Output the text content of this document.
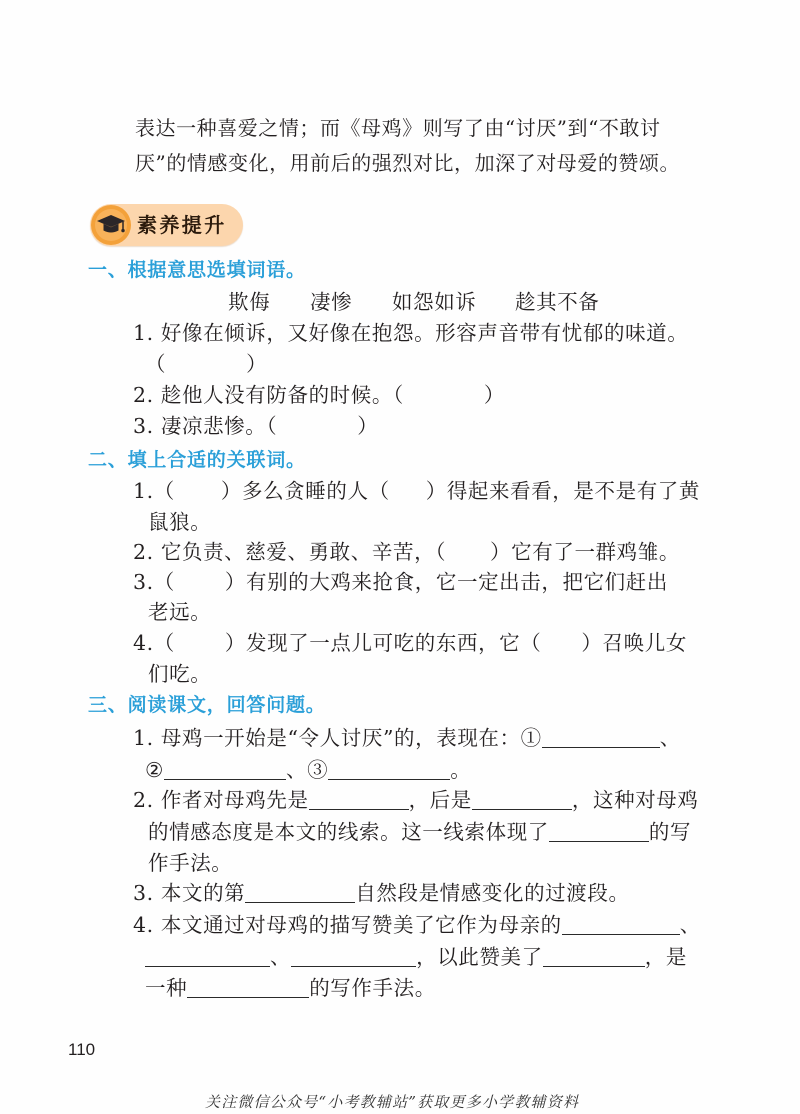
表达一种喜爱之情；而《母鸡》则写了由“讨厌”到“不敢讨
厌”的情感变化，用前后的强烈对比，加深了对母爱的赞颂。
素养提升
一、根据意思选填词语。
欺侮 凄惨 如怨如诉 趁其不备
1. 好像在倾诉，又好像在抱怨。形容声音带有忧郁的味道。
（	）
2. 趁他人没有防备的时候。（	）
3. 凄凉悲惨。（	）
二、填上合适的关联词。
1.（ ）多么贪睡的人（ ）得起来看看，是不是有了黄
鼠狼。
2. 它负责、慈爱、勇敢、辛苦，（ ）它有了一群鸡雏。
3.（ ）有别的大鸡来抢食，它一定出击，把它们赶出
老远。
4.（ ）发现了一点儿可吃的东西，它（ ）召唤儿女
们吃。
三、阅读课文，回答问题。
1. 母鸡一开始是“令人讨厌”的，表现在：①	、
②	、③	。
2. 作者对母鸡先是	，后是	，这种对母鸡
的情感态度是本文的线索。这一线索体现了	的写
作手法。
3. 本文的第	自然段是情感变化的过渡段。
4. 本文通过对母鸡的描写赞美了它作为母亲的	、
、	，以此赞美了	，是
一种	的写作手法。
110
关注微信公众号“小考教辅站”获取更多小学教辅资料
